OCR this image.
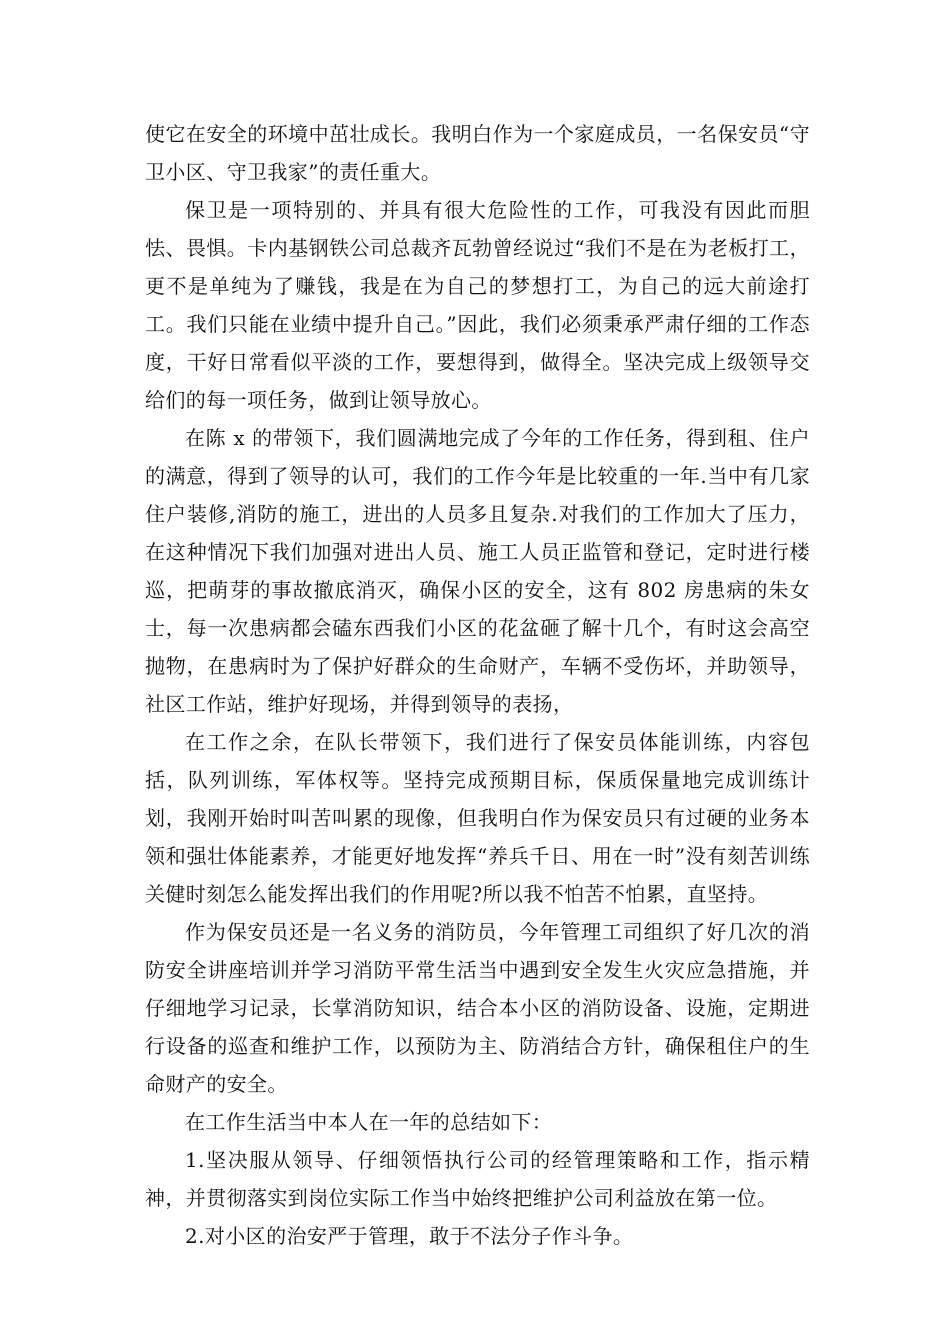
使它在安全的环境中茁壮成长。我明白作为一个家庭成员，一名保安员“守卫小区、守卫我家”的责任重大。

保卫是一项特别的、并具有很大危险性的工作，可我没有因此而胆怯、畏惧。卡内基钢铁公司总裁齐瓦勃曾经说过“我们不是在为老板打工，更不是单纯为了赚钱，我是在为自己的梦想打工，为自己的远大前途打工。我们只能在业绩中提升自己。”因此，我们必须秉承严肃仔细的工作态度，干好日常看似平淡的工作，要想得到，做得全。坚决完成上级领导交给们的每一项任务，做到让领导放心。

在陈 x 的带领下，我们圆满地完成了今年的工作任务，得到租、住户的满意，得到了领导的认可，我们的工作今年是比较重的一年.当中有几家住户装修,消防的施工，进出的人员多且复杂.对我们的工作加大了压力，在这种情况下我们加强对进出人员、施工人员正监管和登记，定时进行楼巡，把萌芽的事故撤底消灭，确保小区的安全，这有 802 房患病的朱女士，每一次患病都会磕东西我们小区的花盆砸了解十几个，有时这会高空抛物，在患病时为了保护好群众的生命财产，车辆不受伤坏，并助领导，社区工作站，维护好现场，并得到领导的表扬，

在工作之余，在队长带领下，我们进行了保安员体能训练，内容包括，队列训练，军体权等。坚持完成预期目标，保质保量地完成训练计划，我刚开始时叫苦叫累的现像，但我明白作为保安员只有过硬的业务本领和强壮体能素养，才能更好地发挥“养兵千日、用在一时”没有刻苦训练关健时刻怎么能发挥出我们的作用呢?所以我不怕苦不怕累，直坚持。

作为保安员还是一名义务的消防员，今年管理工司组织了好几次的消防安全讲座培训并学习消防平常生活当中遇到安全发生火灾应急措施，并仔细地学习记录，长掌消防知识，结合本小区的消防设备、设施，定期进行设备的巡查和维护工作，以预防为主、防消结合方针，确保租住户的生命财产的安全。

在工作生活当中本人在一年的总结如下：

1.坚决服从领导、仔细领悟执行公司的经管理策略和工作，指示精神，并贯彻落实到岗位实际工作当中始终把维护公司利益放在第一位。

2.对小区的治安严于管理，敢于不法分子作斗争。
